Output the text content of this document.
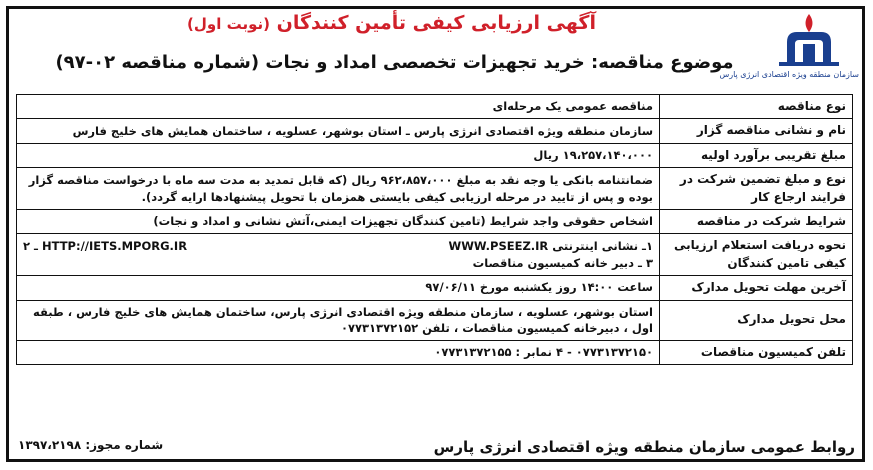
سازمان منطقه ویژه اقتصادی انرژی پارس
آگهی ارزیابی کیفی تأمین کنندگان (نوبت اول)
موضوع مناقصه: خرید تجهیزات تخصصی امداد و نجات (شماره مناقصه ۰۲-۹۷)
نوع مناقصه	مناقصه عمومی یک مرحله‌ای
نام و نشانی مناقصه گزار	سازمان منطقه ویژه اقتصادی انرژی پارس ـ استان بوشهر، عسلویه ، ساختمان همایش های خلیج فارس
مبلغ تقریبی برآورد اولیه	۱۹،۲۵۷،۱۴۰،۰۰۰ ریال
نوع و مبلغ تضمین شرکت در فرایند ارجاع کار	ضمانتنامه بانکی یا وجه نقد به مبلغ ۹۶۲،۸۵۷،۰۰۰ ریال (که قابل تمدید به مدت سه ماه با درخواست مناقصه گزار بوده و پس از تایید در مرحله ارزیابی کیفی بایستی همزمان با تحویل پیشنهادها ارایه گردد).
شرایط شرکت در مناقصه	اشخاص حقوقی واجد شرایط (تامین کنندگان تجهیزات ایمنی،آتش نشانی و امداد و نجات)
نحوه دریافت استعلام ارزیابی کیفی تامین کنندگان	۱ـ نشانی اینترنتی WWW.PSEEZ.IR
۲ ـ HTTP://IETS.MPORG.IR
۳ ـ دبیر خانه کمیسیون مناقصات

آخرین مهلت تحویل مدارک	ساعت ۱۴:۰۰ روز یکشنبه مورخ ۹۷/۰۶/۱۱
محل تحویل مدارک	استان بوشهر، عسلویه ، سازمان منطقه ویژه اقتصادی انرژی پارس، ساختمان همایش های خلیج فارس ، طبقه اول ، دبیرخانه کمیسیون مناقصات ، تلفن ۰۷۷۳۱۳۷۲۱۵۲
تلفن کمیسیون مناقصات	۰۷۷۳۱۳۷۲۱۵۰ - ۴ نمابر : ۰۷۷۳۱۳۷۲۱۵۵
روابط عمومی سازمان منطقه ویژه اقتصادی انرژی پارس
شماره مجوز: ۱۳۹۷،۲۱۹۸
